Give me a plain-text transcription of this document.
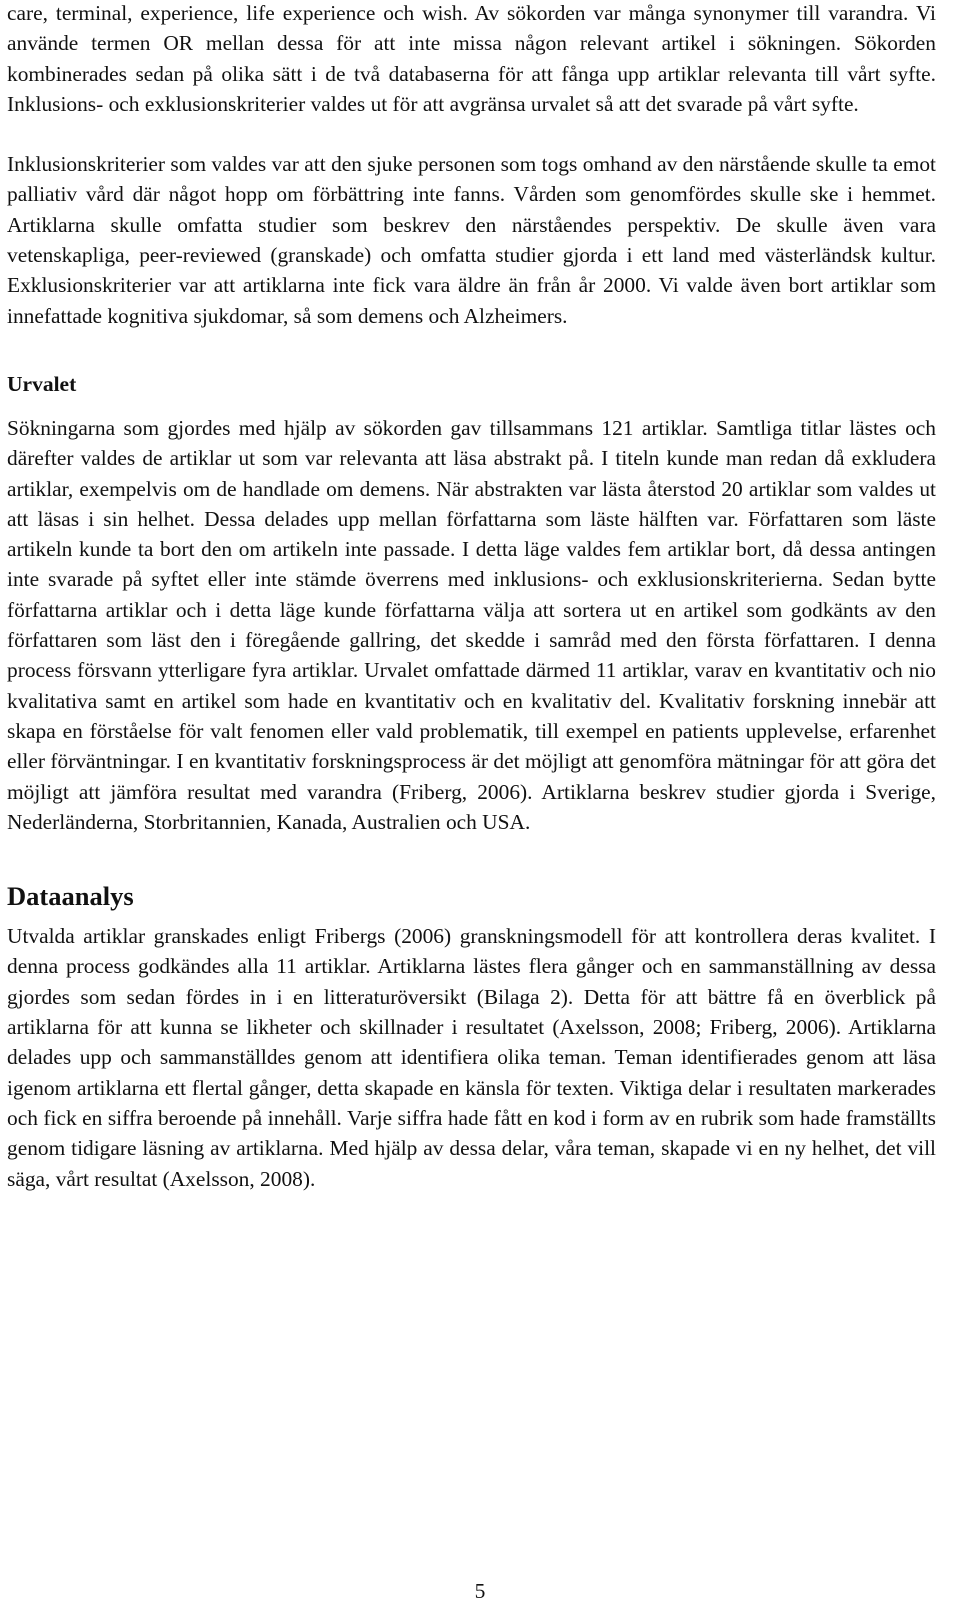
care, terminal, experience, life experience och wish. Av sökorden var många synonymer till varandra. Vi använde termen OR mellan dessa för att inte missa någon relevant artikel i sökningen. Sökorden kombinerades sedan på olika sätt i de två databaserna för att fånga upp artiklar relevanta till vårt syfte. Inklusions- och exklusionskriterier valdes ut för att avgränsa urvalet så att det svarade på vårt syfte.

Inklusionskriterier som valdes var att den sjuke personen som togs omhand av den närstående skulle ta emot palliativ vård där något hopp om förbättring inte fanns. Vården som genomfördes skulle ske i hemmet. Artiklarna skulle omfatta studier som beskrev den närståendes perspektiv. De skulle även vara vetenskapliga, peer-reviewed (granskade) och omfatta studier gjorda i ett land med västerländsk kultur. Exklusionskriterier var att artiklarna inte fick vara äldre än från år 2000. Vi valde även bort artiklar som innefattade kognitiva sjukdomar, så som demens och Alzheimers.

Urvalet

Sökningarna som gjordes med hjälp av sökorden gav tillsammans 121 artiklar. Samtliga titlar lästes och därefter valdes de artiklar ut som var relevanta att läsa abstrakt på. I titeln kunde man redan då exkludera artiklar, exempelvis om de handlade om demens. När abstrakten var lästa återstod 20 artiklar som valdes ut att läsas i sin helhet. Dessa delades upp mellan författarna som läste hälften var. Författaren som läste artikeln kunde ta bort den om artikeln inte passade. I detta läge valdes fem artiklar bort, då dessa antingen inte svarade på syftet eller inte stämde överrens med inklusions- och exklusionskriterierna. Sedan bytte författarna artiklar och i detta läge kunde författarna välja att sortera ut en artikel som godkänts av den författaren som läst den i föregående gallring, det skedde i samråd med den första författaren. I denna process försvann ytterligare fyra artiklar. Urvalet omfattade därmed 11 artiklar, varav en kvantitativ och nio kvalitativa samt en artikel som hade en kvantitativ och en kvalitativ del. Kvalitativ forskning innebär att skapa en förståelse för valt fenomen eller vald problematik, till exempel en patients upplevelse, erfarenhet eller förväntningar. I en kvantitativ forskningsprocess är det möjligt att genomföra mätningar för att göra det möjligt att jämföra resultat med varandra (Friberg, 2006). Artiklarna beskrev studier gjorda i Sverige, Nederländerna, Storbritannien, Kanada, Australien och USA.

Dataanalys

Utvalda artiklar granskades enligt Fribergs (2006) granskningsmodell för att kontrollera deras kvalitet. I denna process godkändes alla 11 artiklar. Artiklarna lästes flera gånger och en sammanställning av dessa gjordes som sedan fördes in i en litteraturöversikt (Bilaga 2). Detta för att bättre få en överblick på artiklarna för att kunna se likheter och skillnader i resultatet (Axelsson, 2008; Friberg, 2006). Artiklarna delades upp och sammanställdes genom att identifiera olika teman. Teman identifierades genom att läsa igenom artiklarna ett flertal gånger, detta skapade en känsla för texten. Viktiga delar i resultaten markerades och fick en siffra beroende på innehåll. Varje siffra hade fått en kod i form av en rubrik som hade framställts genom tidigare läsning av artiklarna. Med hjälp av dessa delar, våra teman, skapade vi en ny helhet, det vill säga, vårt resultat (Axelsson, 2008).

5
